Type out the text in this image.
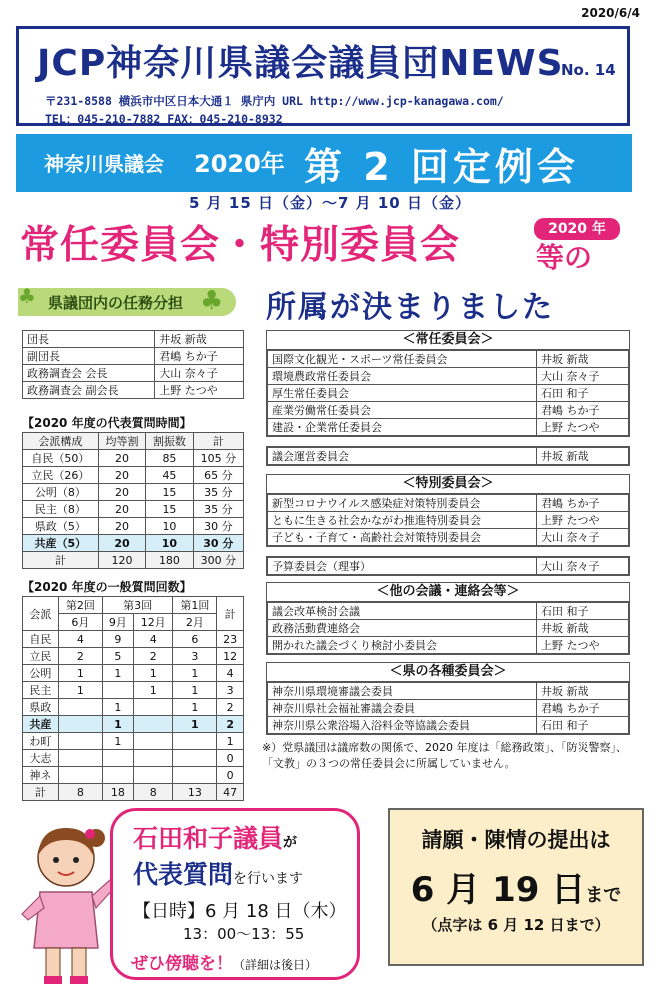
2020/6/4
JCP神奈川県議会議員団NEWS
No. 14
〒231-8588 横浜市中区日本大通１ 県庁内 URL http://www.jcp-kanagawa.com/
TEL：045-210-7882 FAX：045-210-8932
神奈川県議会 2020年 第 2 回定例会
5 月 15 日（金）～7 月 10 日（金）
常任委員会・特別委員会	2020 年
等の
県議団内の任務分担
♣	♣ 所属が決まりました
団長	井坂 新哉
副団長	君嶋 ちか子
政務調査会 会長	大山 奈々子
政務調査会 副会長	上野 たつや
【2020 年度の代表質問時間】
会派構成	均等割	割振数	計
自民（50）	20	85	105 分
立民（26）	20	45	65 分
公明（8）	20	15	35 分
民主（8）	20	15	35 分
県政（5）	20	10	30 分
共産（5）	20	10	30 分
計	120	180	300 分
【2020 年度の一般質問回数】
会派	第2回	第3回		第1回	計
	6月	9月	12月	2月	
自民	4	9	4	6	23
立民	2	5	2	3	12
公明	1	1	1	1	4
民主	1		1	1	3
県政		1		1	2
共産		1		1	2
わ町		1			1
大志					0
神ネ					0
計	8	18	8	13	47
＜常任委員会＞
国際文化観光・スポーツ常任委員会	井坂 新哉
環境農政常任委員会	大山 奈々子
厚生常任委員会	石田 和子
産業労働常任委員会	君嶋 ちか子
建設・企業常任委員会	上野 たつや
議会運営委員会	井坂 新哉
＜特別委員会＞
新型コロナウイルス感染症対策特別委員会	君嶋 ちか子
ともに生きる社会かながわ推進特別委員会	上野 たつや
子ども・子育て・高齢社会対策特別委員会	大山 奈々子
予算委員会（理事）	大山 奈々子
＜他の会議・連絡会等＞
議会改革検討会議	石田 和子
政務活動費連絡会	井坂 新哉
開かれた議会づくり検討小委員会	上野 たつや
＜県の各種委員会＞
神奈川県環境審議会委員	井坂 新哉
神奈川県社会福祉審議会委員	君嶋 ちか子
神奈川県公衆浴場入浴料金等協議会委員	石田 和子
※）党県議団は議席数の関係で、2020 年度は「総務政策」、「防災警察」、「文教」の３つの常任委員会に所属していません。
石田和子議員が
代表質問を行います
【日時】6 月 18 日（木）
13：00～13：55
ぜひ傍聴を！（詳細は後日）
請願・陳情の提出は
6 月 19 日まで
（点字は 6 月 12 日まで）
